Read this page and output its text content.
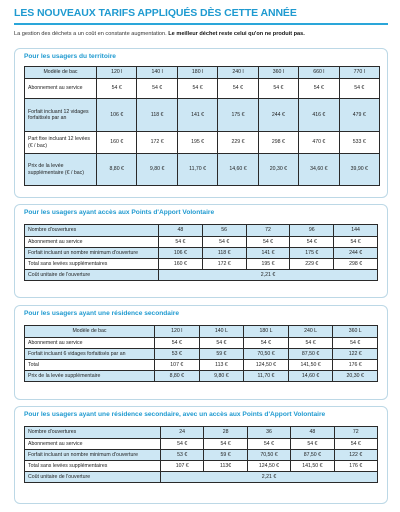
LES NOUVEAUX TARIFS APPLIQUÉS DÈS CETTE ANNÉE
La gestion des déchets a un coût en constante augmentation. Le meilleur déchet reste celui qu'on ne produit pas.
Pour les usagers du territoire
Modèle de bac	120 l	140 l	180 l	240 l	360 l	660 l	770 l
Abonnement au service	54 €	54 €	54 €	54 €	54 €	54 €	54 €
Forfait incluant 12 vidages forfaitisés par an	106 €	118 €	141 €	175 €	244 €	416 €	479 €
Part fixe incluant 12 levées (€ / bac)	160 €	172 €	195 €	229 €	298 €	470 €	533 €
Prix de la levée supplémentaire (€ / bac)	8,80 €	9,80 €	11,70 €	14,60 €	20,30 €	34,60 €	39,90 €
Pour les usagers ayant accès aux Points d'Apport Volontaire
Nombre d'ouvertures	48	56	72	96	144
Abonnement au service	54 €	54 €	54 €	54 €	54 €
Forfait incluant un nombre minimum d'ouverture	106 €	118 €	141 €	175 €	244 €
Total sans levées supplémentaires	160 €	172 €	195 €	229 €	298 €
Coût unitaire de l'ouverture	2,21 €				
Pour les usagers ayant une résidence secondaire
Modèle de bac	120 l	140 L	180 L	240 L	360 L
Abonnement au service	54 €	54 €	54 €	54 €	54 €
Forfait incluant 6 vidages forfaitisés par an	53 €	59 €	70,50 €	87,50 €	122 €
Total	107 €	113 €	124,50 €	141,50 €	176 €
Prix de la levée supplémentaire	8,80 €	9,80 €	11,70 €	14,60 €	20,30 €
Pour les usagers ayant une résidence secondaire, avec un accès aux Points d'Apport Volontaire
Nombre d'ouvertures	24	28	36	48	72
Abonnement au service	54 €	54 €	54 €	54 €	54 €
Forfait incluant un nombre minimum d'ouverture	53 €	59 €	70,50 €	87,50 €	122 €
Total sans levées supplémentaires	107 €	113€	124,50 €	141,50 €	176 €
Coût unitaire de l'ouverture	2,21 €				
